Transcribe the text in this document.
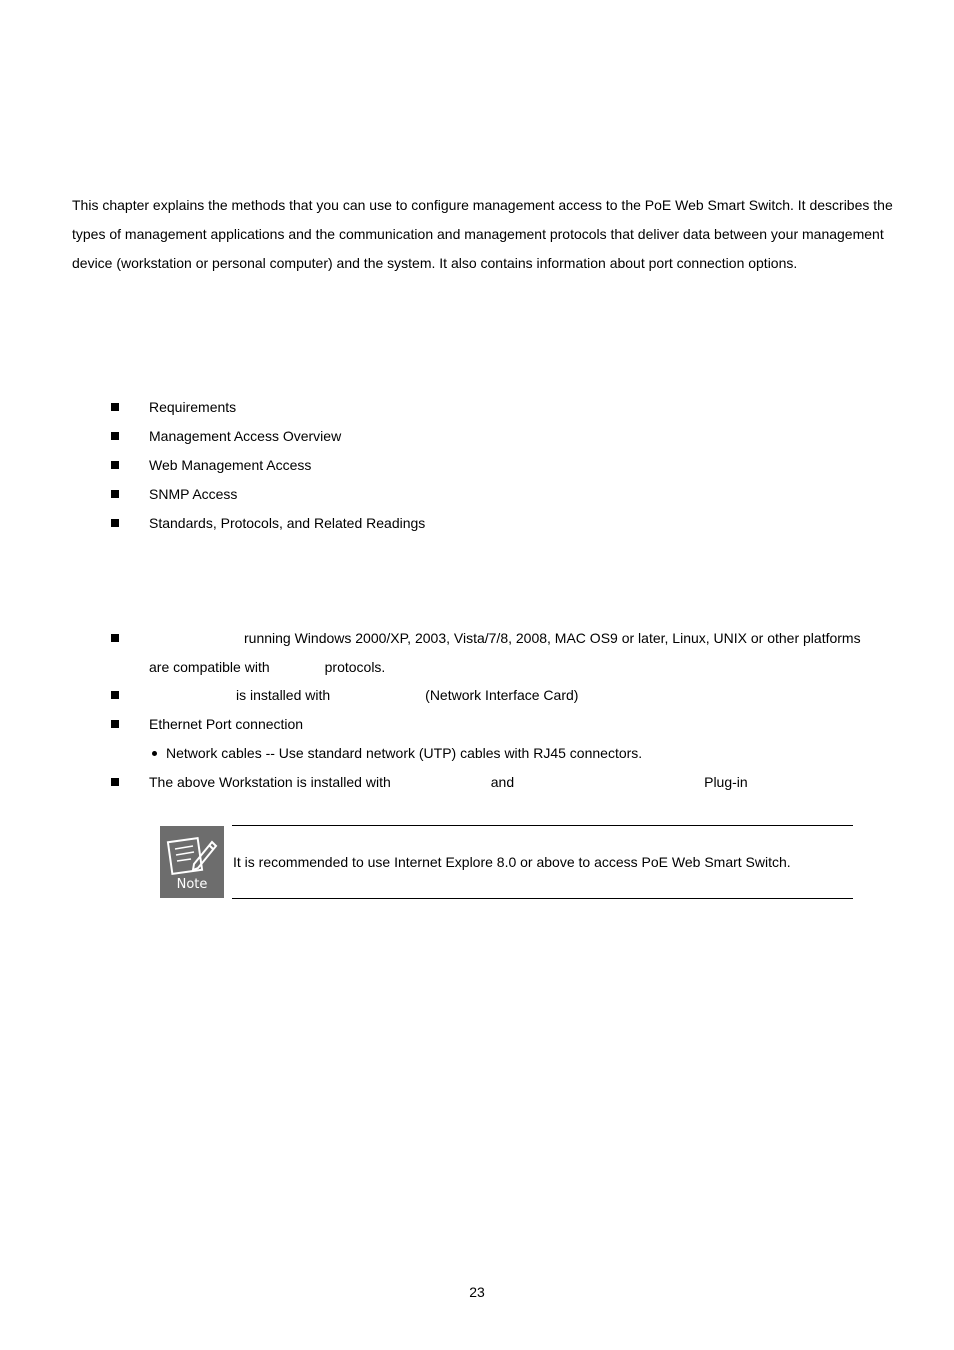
This chapter explains the methods that you can use to configure management access to the PoE Web Smart Switch. It describes the types of management applications and the communication and management protocols that deliver data between your management device (workstation or personal computer) and the system. It also contains information about port connection options.

Requirements
Management Access Overview
Web Management Access
SNMP Access
Standards, Protocols, and Related Readings
running Windows 2000/XP, 2003, Vista/7/8, 2008, MAC OS9 or later, Linux, UNIX or other platforms
are compatible with	protocols.
is installed with	(Network Interface Card)
Ethernet Port connection
Network cables -- Use standard network (UTP) cables with RJ45 connectors.
The above Workstation is installed with	and	Plug-in
Note
It is recommended to use Internet Explore 8.0 or above to access PoE Web Smart Switch.
23
